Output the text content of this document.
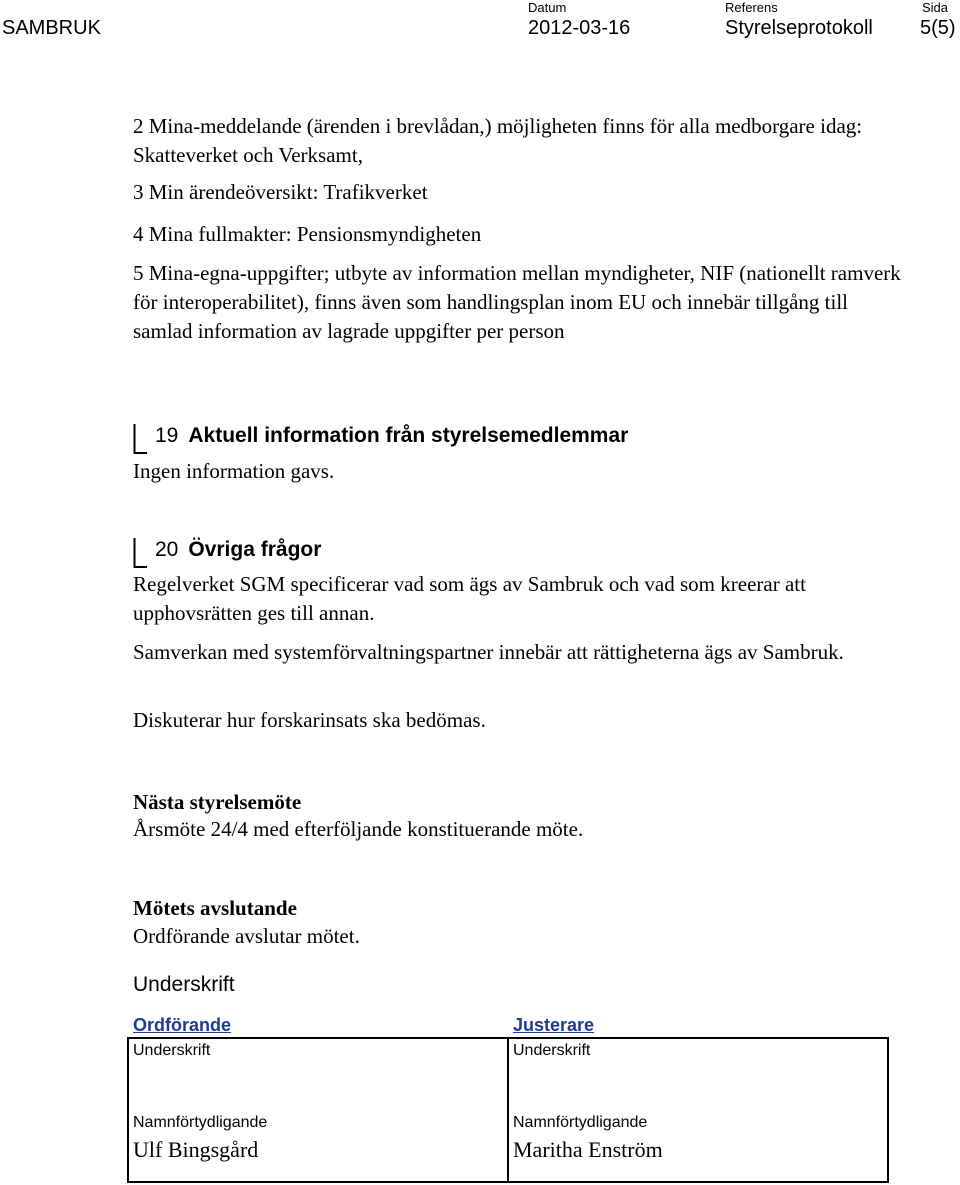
SAMBRUK
Datum
2012-03-16
Referens
Styrelseprotokoll
Sida
5(5)
2 Mina-meddelande (ärenden i brevlådan,) möjligheten finns för alla medborgare idag: Skatteverket och Verksamt,
3 Min ärendeöversikt: Trafikverket
4 Mina fullmakter: Pensionsmyndigheten
5 Mina-egna-uppgifter; utbyte av information mellan myndigheter, NIF (nationellt ramverk för interoperabilitet), finns även som handlingsplan inom EU och innebär tillgång till samlad information av lagrade uppgifter per person
19 Aktuell information från styrelsemedlemmar
Ingen information gavs.
20 Övriga frågor
Regelverket SGM specificerar vad som ägs av Sambruk och vad som kreerar att upphovsrätten ges till annan.
Samverkan med systemförvaltningspartner innebär att rättigheterna ägs av Sambruk.
Diskuterar hur forskarinsats ska bedömas.
Nästa styrelsemöte
Årsmöte 24/4 med efterföljande konstituerande möte.
Mötets avslutande
Ordförande avslutar mötet.
Underskrift
Ordförande	Justerare
Underskrift	Underskrift
Namnförtydligande	Namnförtydligande
Ulf Bingsgård	Maritha Enström
